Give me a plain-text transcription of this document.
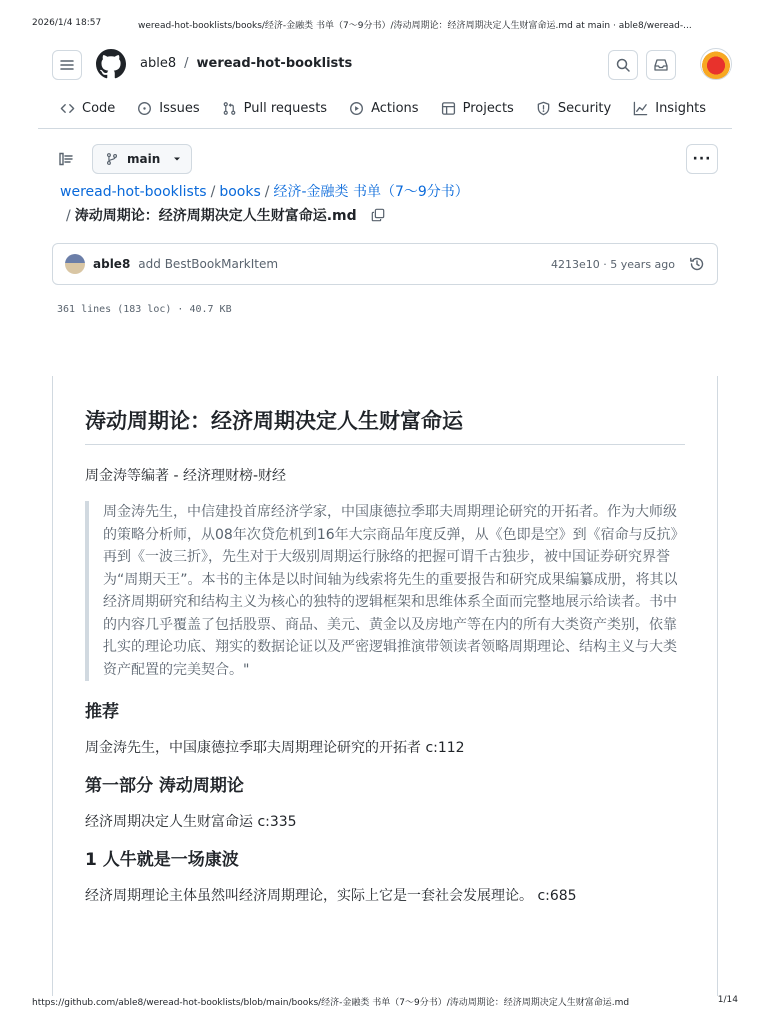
2026/1/4 18:57	weread-hot-booklists/books/经济-金融类 书单（7〜9分书）/涛动周期论：经济周期决定人生财富命运.md at main · able8/weread-...
able8 / weread-hot-booklists
Code	Issues	Pull requests	Actions	Projects	Security	Insights
main	···
weread-hot-booklists / books / 经济-金融类 书单（7〜9分书）
/ 涛动周期论：经济周期决定人生财富命运.md
able8 add BestBookMarkItem	4213e10 · 5 years ago
361 lines (183 loc) · 40.7 KB
涛动周期论：经济周期决定人生财富命运
周金涛等编著 - 经济理财榜-财经
周金涛先生，中信建投首席经济学家，中国康德拉季耶夫周期理论研究的开拓者。作为大师级的策略分析师，从08年次贷危机到16年大宗商品年度反弹，从《色即是空》到《宿命与反抗》再到《一波三折》，先生对于大级别周期运行脉络的把握可谓千古独步，被中国证券研究界誉为“周期天王”。本书的主体是以时间轴为线索将先生的重要报告和研究成果编纂成册，将其以经济周期研究和结构主义为核心的独特的逻辑框架和思维体系全面而完整地展示给读者。书中的内容几乎覆盖了包括股票、商品、美元、黄金以及房地产等在内的所有大类资产类别，依靠扎实的理论功底、翔实的数据论证以及严密逻辑推演带领读者领略周期理论、结构主义与大类资产配置的完美契合。"
推荐
周金涛先生，中国康德拉季耶夫周期理论研究的开拓者 c:112
第一部分 涛动周期论
经济周期决定人生财富命运 c:335
1 人牛就是一场康波
经济周期理论主体虽然叫经济周期理论，实际上它是一套社会发展理论。 c:685
https://github.com/able8/weread-hot-booklists/blob/main/books/经济-金融类 书单（7〜9分书）/涛动周期论：经济周期决定人生财富命运.md	1/14
